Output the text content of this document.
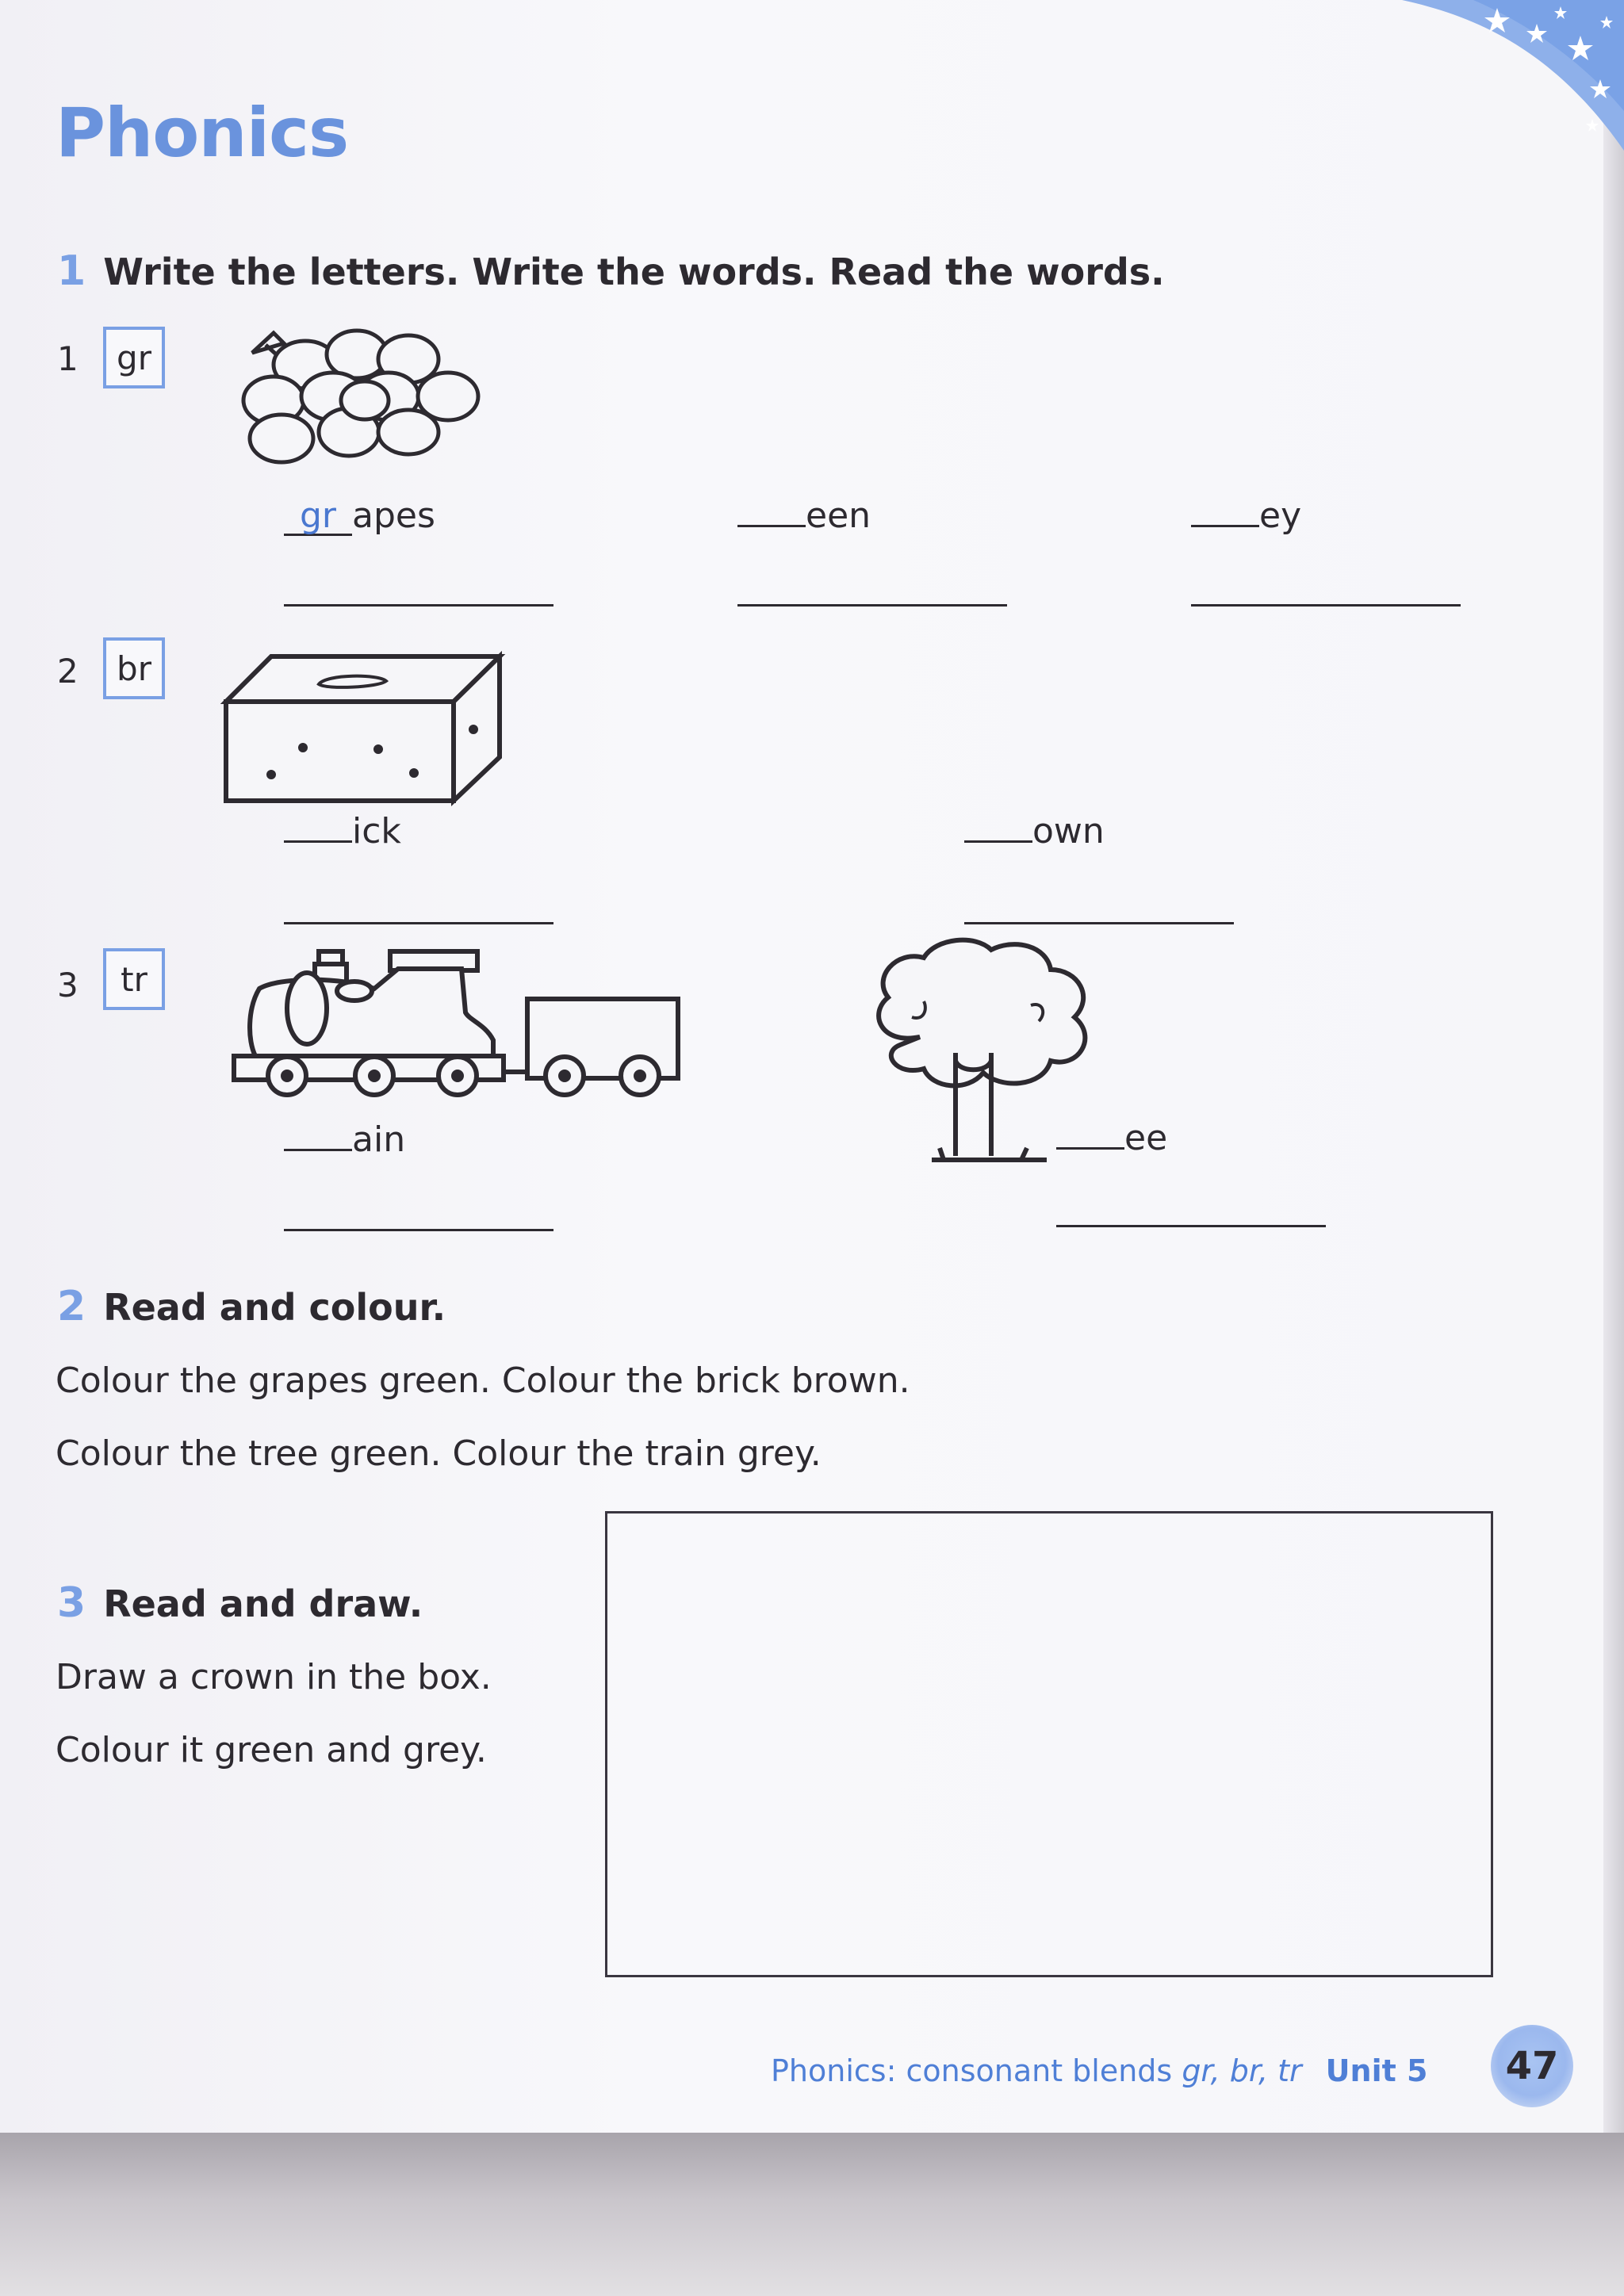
Phonics
1 Write the letters. Write the words. Read the words.
1	gr
gr apes	een	ey
2	br
ick	own
3	tr
ain	ee
2 Read and colour.
Colour the grapes green. Colour the brick brown.
Colour the tree green. Colour the train grey.
3 Read and draw.
Draw a crown in the box.
Colour it green and grey.
Phonics: consonant blends gr, br, tr Unit 5	47
